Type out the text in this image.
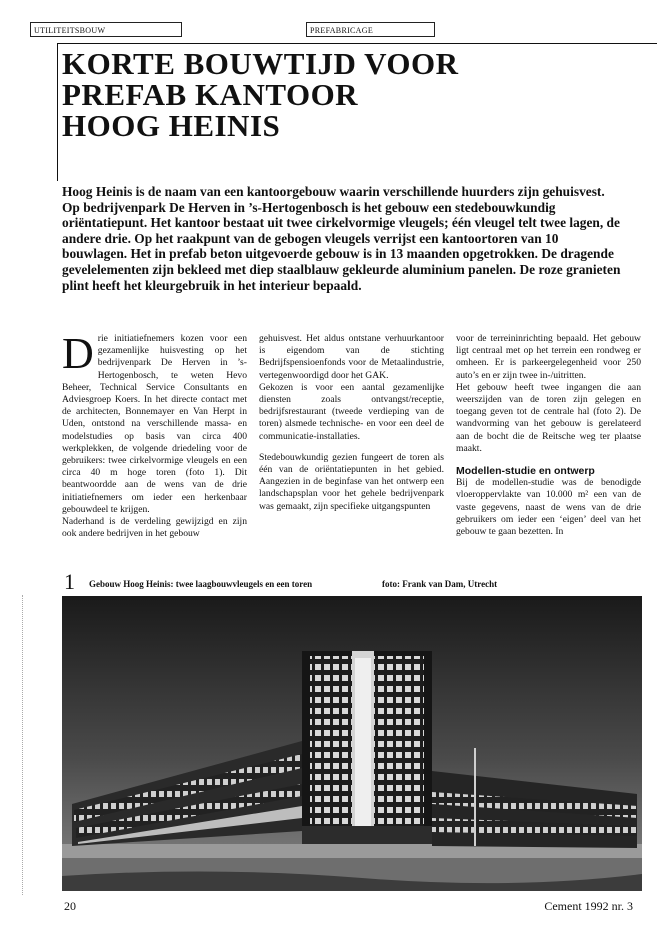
UTILITEITSBOUW	PREFABRICAGE
KORTE BOUWTIJD VOOR
PREFAB KANTOOR
HOOG HEINIS
Hoog Heinis is de naam van een kantoorgebouw waarin verschillende huurders zijn gehuisvest. Op bedrijvenpark De Herven in ’s-Hertogenbosch is het gebouw een stedebouwkundig oriëntatiepunt. Het kantoor bestaat uit twee cirkelvormige vleugels; één vleugel telt twee lagen, de andere drie. Op het raakpunt van de gebogen vleugels verrijst een kantoortoren van 10 bouwlagen. Het in prefab beton uitgevoerde gebouw is in 13 maanden opgetrokken. De dragende gevelelementen zijn bekleed met diep staalblauw gekleurde aluminium panelen. De roze granieten plint heeft het kleurgebruik in het interieur bepaald.

Drie initiatiefnemers kozen voor een gezamenlijke huisvesting op het bedrijvenpark De Herven in ’s-Hertogenbosch, te weten Hevo Beheer, Technical Service Consultants en Adviesgroep Koers. In het directe contact met de architecten, Bonnemayer en Van Herpt in Uden, ontstond na verschillende massa- en modelstudies op basis van circa 400 werkplekken, de volgende driedeling voor de gebruikers: twee cirkelvormige vleugels en een circa 40 m hoge toren (foto 1). Dit beantwoordde aan de wens van de drie initiatiefnemers om ieder een herkenbaar gebouwdeel te krijgen.

Naderhand is de verdeling gewijzigd en zijn ook andere bedrijven in het gebouw

gehuisvest. Het aldus ontstane verhuurkantoor is eigendom van de stichting Bedrijfspensioenfonds voor de Metaalindustrie, vertegenwoordigd door het GAK.

Gekozen is voor een aantal gezamenlijke diensten zoals ontvangst/receptie, bedrijfsrestaurant (tweede verdieping van de toren) alsmede technische- en voor een deel de communicatie-installaties.

Stedebouwkundig gezien fungeert de toren als één van de oriëntatiepunten in het gebied. Aangezien in de beginfase van het ontwerp een landschapsplan voor het gehele bedrijvenpark was gemaakt, zijn specifieke uitgangspunten

voor de terreininrichting bepaald. Het gebouw ligt centraal met op het terrein een rondweg er omheen. Er is parkeergelegenheid voor 250 auto’s en er zijn twee in-/uitritten.

Het gebouw heeft twee ingangen die aan weerszijden van de toren zijn gelegen en toegang geven tot de centrale hal (foto 2). De wandvorming van het gebouw is gerelateerd aan de bocht die de Reitsche weg ter plaatse maakt.

Modellen-studie en ontwerp

Bij de modellen-studie was de benodigde vloeroppervlakte van 10.000 m² een van de vaste gegevens, naast de wens van de drie gebruikers om ieder een ‘eigen’ deel van het gebouw te gaan bezetten. In

1 Gebouw Hoog Heinis: twee laagbouwvleugels en een toren	foto: Frank van Dam, Utrecht
20	Cement 1992 nr. 3
